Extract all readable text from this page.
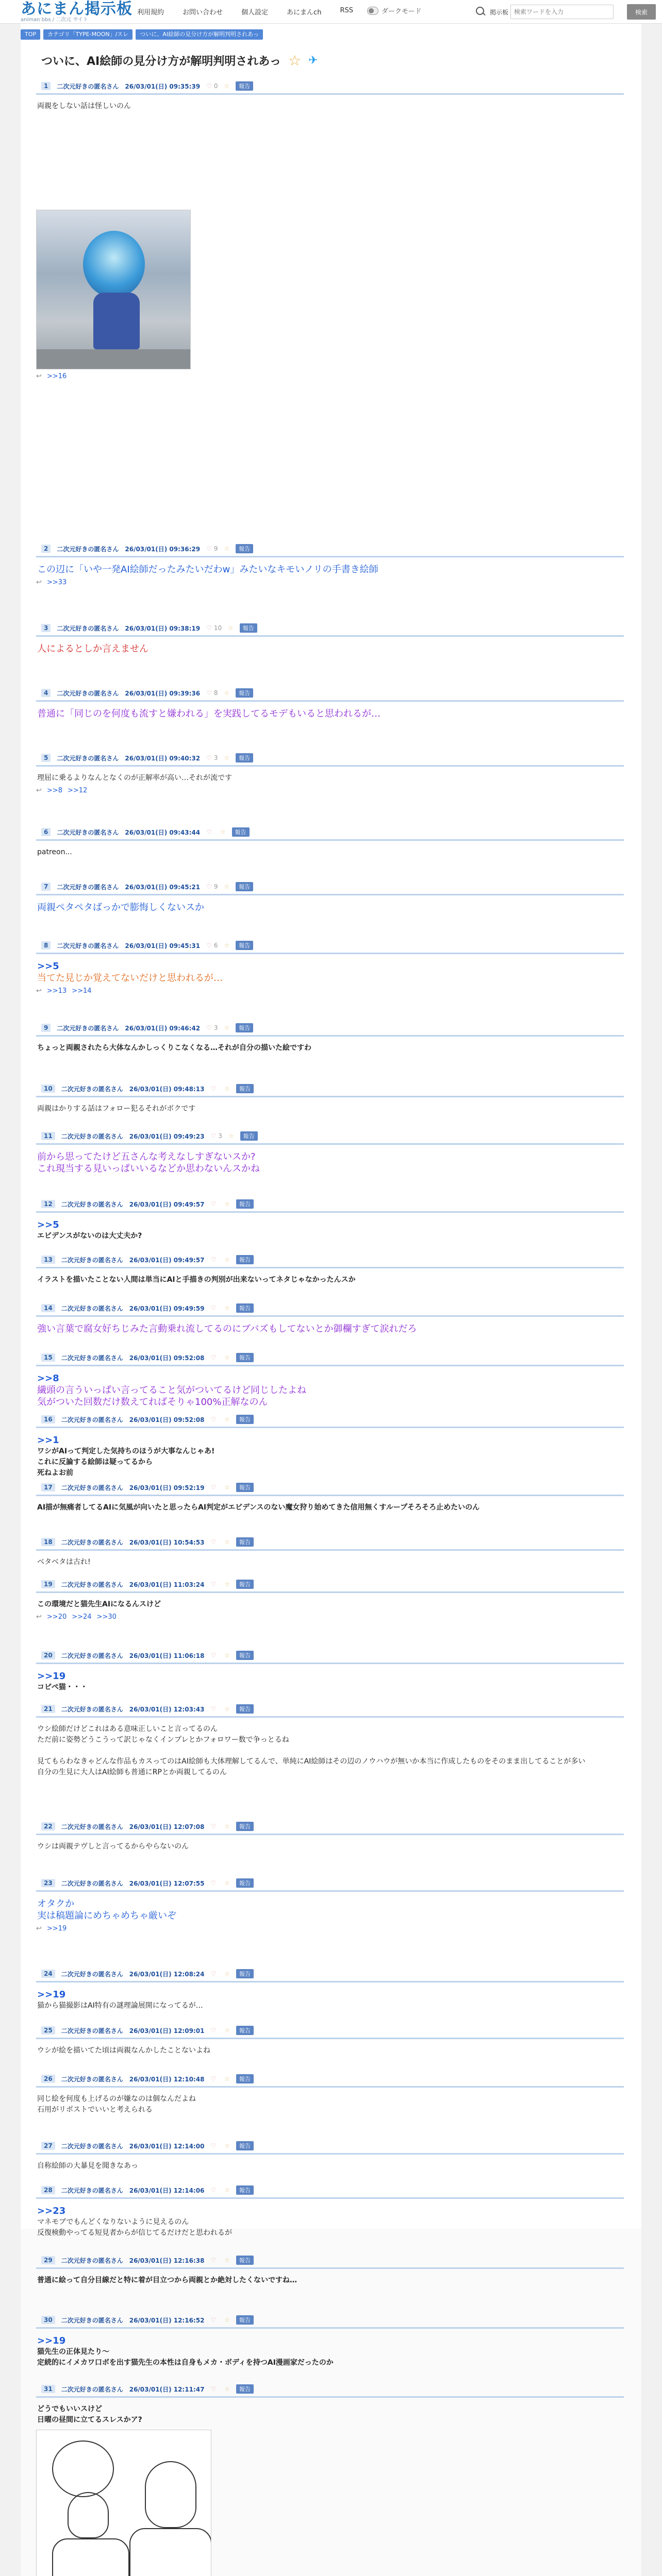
あにまん掲示板
animan bbs / 二次元 サイト
利用規約	お問い合わせ	個人設定	あにまんch	RSS	ダークモード	掲示板
検索ワードを入力	検索
TOP	カテゴリ「TYPE-MOON」/スレ	ついに、AI絵師の見分け方が解明判明されあっ
ついに、AI絵師の見分け方が解明判明されあっ ☆ ✈
1	二次元好きの匿名さん 26/03/01(日) 09:35:39 ♡ 0 ☆	報告
両親をしない話は怪しいのん
↩ >>16
2	二次元好きの匿名さん 26/03/01(日) 09:36:29 ♡ 9 ☆	報告
この辺に「いや一発AI絵師だったみたいだわw」みたいなキモいノリの手書き絵師
↩ >>33
3	二次元好きの匿名さん 26/03/01(日) 09:38:19 ♡ 10 ☆	報告
人によるとしか言えません
4	二次元好きの匿名さん 26/03/01(日) 09:39:36 ♡ 8 ☆	報告
普通に「同じのを何度も流すと嫌われる」を実践してるモデもいると思われるが…
5	二次元好きの匿名さん 26/03/01(日) 09:40:32 ♡ 3 ☆	報告
理屈に乗るよりなんとなくのが正解率が高い…それが流です
↩ >>8 >>12
6	二次元好きの匿名さん 26/03/01(日) 09:43:44 ♡ ☆	報告
patreon...
7	二次元好きの匿名さん 26/03/01(日) 09:45:21 ♡ 9 ☆	報告
両親ペタペタばっかで膨悔しくないスか
8	二次元好きの匿名さん 26/03/01(日) 09:45:31 ♡ 6 ☆	報告
>>5
当てた見じか覚えてないだけと思われるが…
↩ >>13 >>14
9	二次元好きの匿名さん 26/03/01(日) 09:46:42 ♡ 3 ☆	報告
ちょっと両親されたら大体なんかしっくりこなくなる…それが自分の描いた絵ですわ
10	二次元好きの匿名さん 26/03/01(日) 09:48:13 ♡ ☆	報告
両親はかりする話はフォロー犯るそれがボクです
11	二次元好きの匿名さん 26/03/01(日) 09:49:23 ♡ 3 ☆	報告
前から思ってたけど五さんな考えなしすぎないスか?
これ現当する見いっぱいいるなどか思わないんスかね
12	二次元好きの匿名さん 26/03/01(日) 09:49:57 ♡ ☆	報告
>>5
エビデンスがないのは大丈夫か?
13	二次元好きの匿名さん 26/03/01(日) 09:49:57 ♡ ☆	報告
イラストを描いたことない人間は単当にAIと手描きの判別が出来ないってネタじゃなかったんスか
14	二次元好きの匿名さん 26/03/01(日) 09:49:59 ♡ ☆	報告
強い言葉で腐女好ちじみた言動乗れ流してるのにブバズもしてないとか御欄すぎて涙れだろ
15	二次元好きの匿名さん 26/03/01(日) 09:52:08 ♡ ☆	報告
>>8
繊頭の言ういっぱい言ってること気がついてるけど同じしたよね
気がついた回数だけ数えてればそりゃ100%正解なのん
16	二次元好きの匿名さん 26/03/01(日) 09:52:08 ♡ ☆	報告
>>1
ワシがAIって判定した気持ちのほうが大事なんじゃあ!
これに反論する絵師は疑ってるから
死ねよお前
17	二次元好きの匿名さん 26/03/01(日) 09:52:19 ♡ ☆	報告
AI描が無痛者してるAIに気風が向いたと思ったらAI判定がエビデンスのない魔女狩り始めてきた信用無くすループそろそろ止めたいのん
18	二次元好きの匿名さん 26/03/01(日) 10:54:53 ♡ ☆	報告
ベタベタは古れ!
19	二次元好きの匿名さん 26/03/01(日) 11:03:24 ♡ ☆	報告
この環境だと猫先生AIになるんスけど
↩ >>20 >>24 >>30
20	二次元好きの匿名さん 26/03/01(日) 11:06:18 ♡ ☆	報告
>>19
コピペ猫・・・
21	二次元好きの匿名さん 26/03/01(日) 12:03:43 ♡ ☆	報告
ウシ絵師だけどこれはある意味正しいこと言ってるのん
ただ前に姿勢どうこうって訳じゃなくインプレとかフォロワー数で争っとるね
見てもらわなきゃどんな作品もカスってのはAI絵師も大体理解してるんで、単純にAI絵師はその辺のノウハウが無いか本当に作成したものをそのまま出してることが多い
自分の生見に大人はAI絵師も普通にRPとか両親してるのん
22	二次元好きの匿名さん 26/03/01(日) 12:07:08 ♡ ☆	報告
ウシは両親テヴしと言ってるからやらないのん
23	二次元好きの匿名さん 26/03/01(日) 12:07:55 ♡ ☆	報告
オタクか
実は稿題論にめちゃめちゃ厳いぞ
↩ >>19
24	二次元好きの匿名さん 26/03/01(日) 12:08:24 ♡ ☆	報告
>>19
猫から猫撮影はAI特有の謎理論展開になってるが…
25	二次元好きの匿名さん 26/03/01(日) 12:09:01 ♡ ☆	報告
ウシが絵を描いてた頃は両親なんかしたことないよね
26	二次元好きの匿名さん 26/03/01(日) 12:10:48 ♡ ☆	報告
同じ絵を何度も上げるのが嫌なのは個なんだよね
石用がリポストでいいと考えられる
27	二次元好きの匿名さん 26/03/01(日) 12:14:00 ♡ ☆	報告
自称絵師の大暴見を聞きなあっ
28	二次元好きの匿名さん 26/03/01(日) 12:14:06 ♡ ☆	報告
>>23
マネモブでもんどくなりないように見えるのん
反復検動やってる短見者からが信じてるだけだと思われるが
29	二次元好きの匿名さん 26/03/01(日) 12:16:38 ♡ ☆	報告
普通に絵って自分目線だと特に着が目立つから両親とか絶対したくないですね…
30	二次元好きの匿名さん 26/03/01(日) 12:16:52 ♡ ☆	報告
>>19
猫先生の正体見たり〜
定続的にイメカワ口ボを出す猫先生の本性は自身もメカ・ボディを持つAI漫画家だったのか
31	二次元好きの匿名さん 26/03/01(日) 12:11:47 ♡ ☆	報告
どうでもいいスけど
日曜の昼間に立てるスレスかア?
